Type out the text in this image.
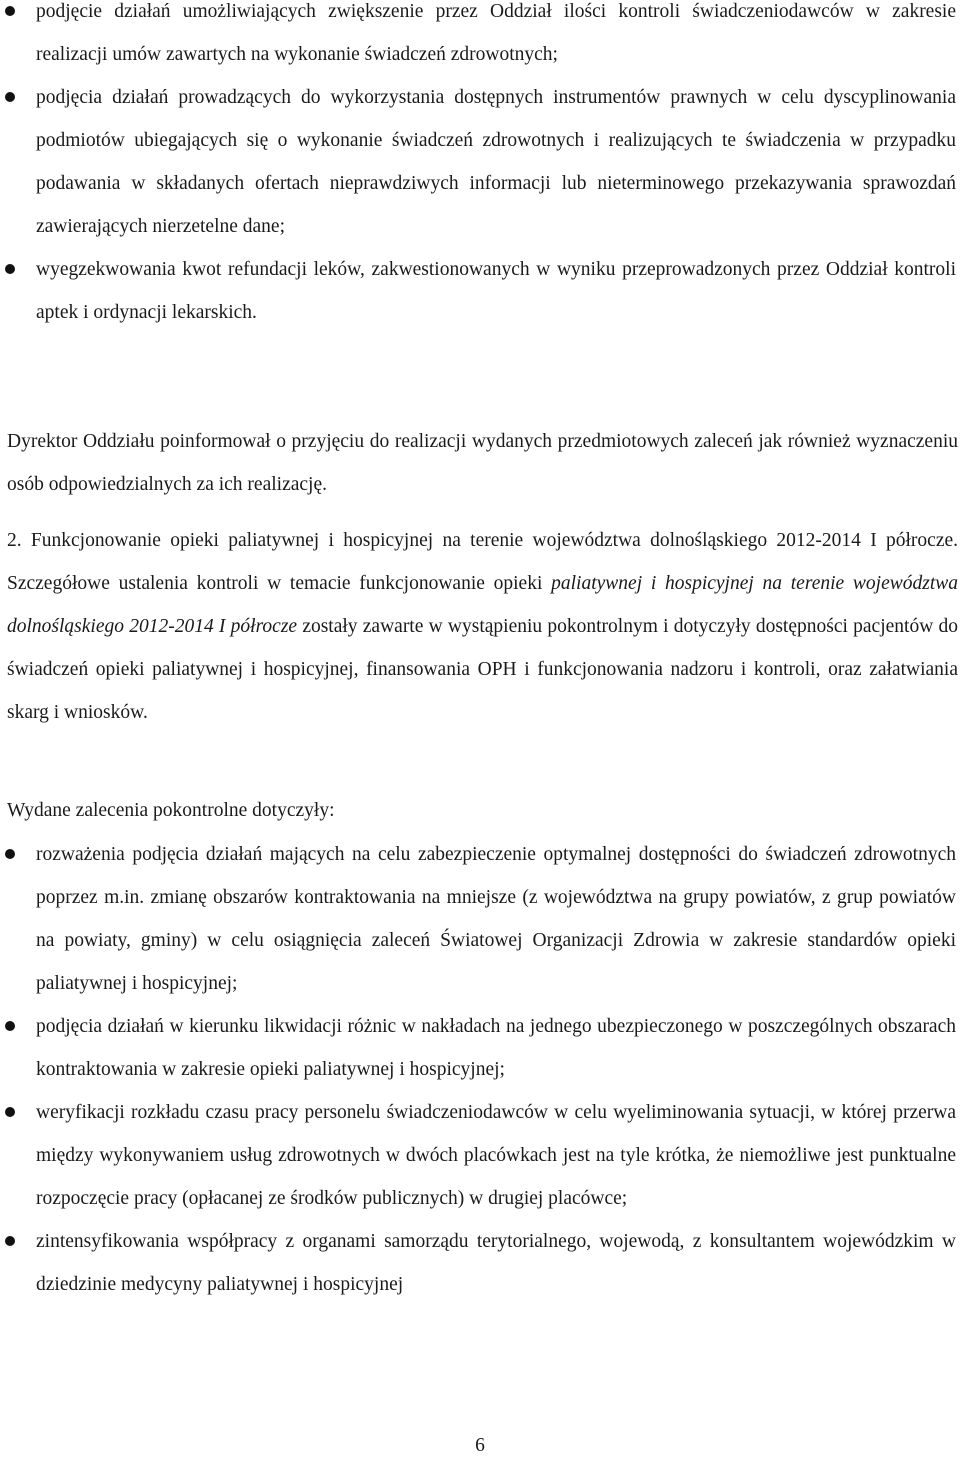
podjęcie działań umożliwiających zwiększenie przez Oddział ilości kontroli świadczeniodawców w zakresie realizacji umów zawartych na wykonanie świadczeń zdrowotnych;
podjęcia działań prowadzących do wykorzystania dostępnych instrumentów prawnych w celu dyscyplinowania podmiotów ubiegających się o wykonanie świadczeń zdrowotnych i realizujących te świadczenia w przypadku podawania w składanych ofertach nieprawdziwych informacji lub nieterminowego przekazywania sprawozdań zawierających nierzetelne dane;
wyegzekwowania kwot refundacji leków, zakwestionowanych w wyniku przeprowadzonych przez Oddział kontroli aptek i ordynacji lekarskich.

Dyrektor Oddziału poinformował o przyjęciu do realizacji wydanych przedmiotowych zaleceń jak również wyznaczeniu osób odpowiedzialnych za ich realizację.

2. Funkcjonowanie opieki paliatywnej i hospicyjnej na terenie województwa dolnośląskiego 2012-2014 I półrocze. Szczegółowe ustalenia kontroli w temacie funkcjonowanie opieki paliatywnej i hospicyjnej na terenie województwa dolnośląskiego 2012-2014 I półrocze zostały zawarte w wystąpieniu pokontrolnym i dotyczyły dostępności pacjentów do świadczeń opieki paliatywnej i hospicyjnej, finansowania OPH i funkcjonowania nadzoru i kontroli, oraz załatwiania skarg i wniosków.

Wydane zalecenia pokontrolne dotyczyły:

rozważenia podjęcia działań mających na celu zabezpieczenie optymalnej dostępności do świadczeń zdrowotnych poprzez m.in. zmianę obszarów kontraktowania na mniejsze (z województwa na grupy powiatów, z grup powiatów na powiaty, gminy) w celu osiągnięcia zaleceń Światowej Organizacji Zdrowia w zakresie standardów opieki paliatywnej i hospicyjnej;
podjęcia działań w kierunku likwidacji różnic w nakładach na jednego ubezpieczonego w poszczególnych obszarach kontraktowania w zakresie opieki paliatywnej i hospicyjnej;
weryfikacji rozkładu czasu pracy personelu świadczeniodawców w celu wyeliminowania sytuacji, w której przerwa między wykonywaniem usług zdrowotnych w dwóch placówkach jest na tyle krótka, że niemożliwe jest punktualne rozpoczęcie pracy (opłacanej ze środków publicznych) w drugiej placówce;
zintensyfikowania współpracy z organami samorządu terytorialnego, wojewodą, z konsultantem wojewódzkim w dziedzinie medycyny paliatywnej i hospicyjnej
6
